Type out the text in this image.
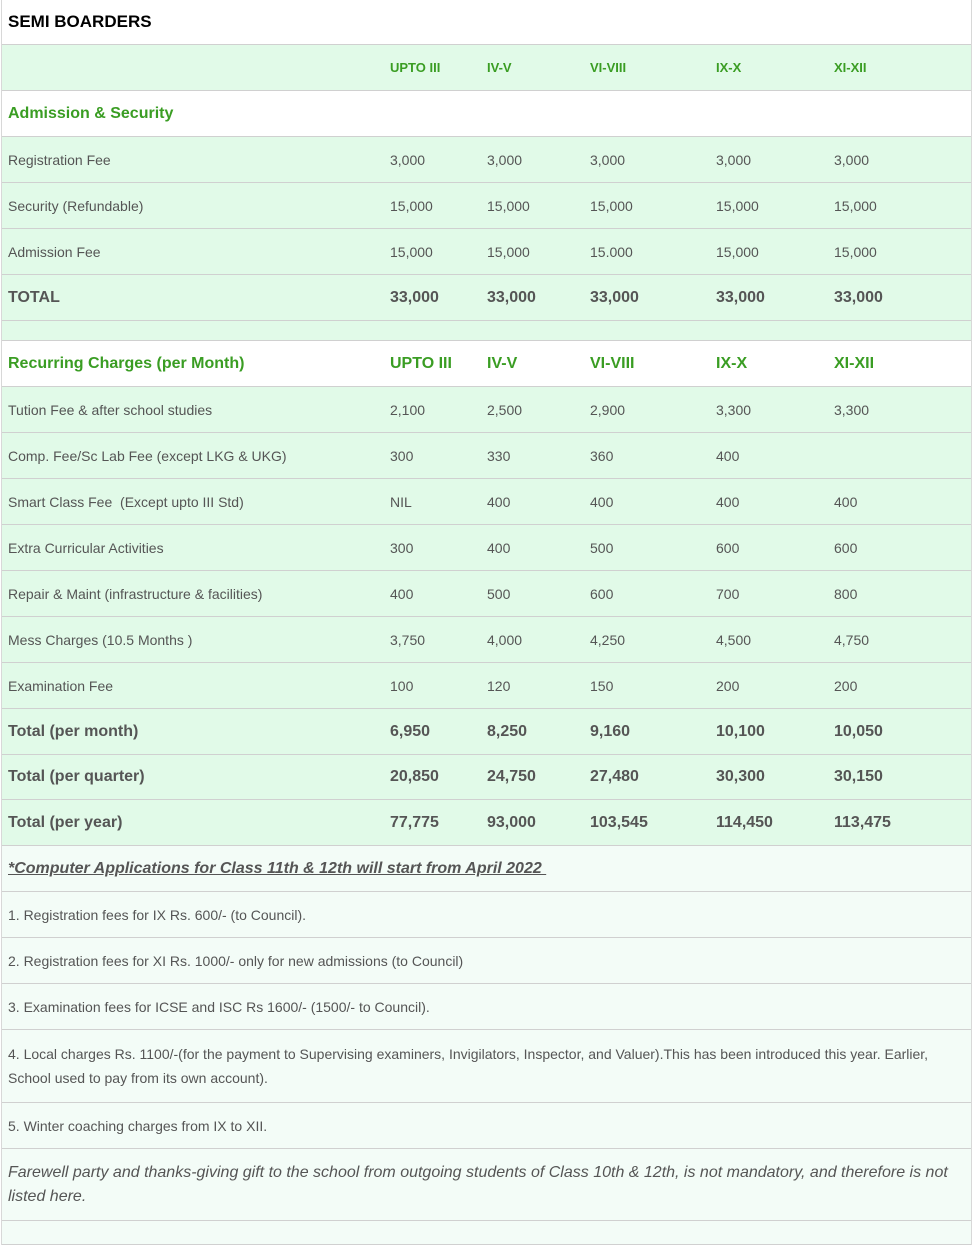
SEMI BOARDERS
UPTO III	IV-V	VI-VIII	IX-X	XI-XII
Admission & Security
Registration Fee	3,000	3,000	3,000	3,000	3,000
Security (Refundable)	15,000	15,000	15,000	15,000	15,000
Admission Fee	15,000	15,000	15.000	15,000	15,000
TOTAL	33,000	33,000	33,000	33,000	33,000
Recurring Charges (per Month)	UPTO III	IV-V	VI-VIII	IX-X	XI-XII
Tution Fee & after school studies	2,100	2,500	2,900	3,300	3,300
Comp. Fee/Sc Lab Fee (except LKG & UKG)	300	330	360	400
Smart Class Fee  (Except upto III Std)	NIL	400	400	400	400
Extra Curricular Activities	300	400	500	600	600
Repair & Maint (infrastructure & facilities)	400	500	600	700	800
Mess Charges (10.5 Months )	3,750	4,000	4,250	4,500	4,750
Examination Fee	100	120	150	200	200
Total (per month)	6,950	8,250	9,160	10,100	10,050
Total (per quarter)	20,850	24,750	27,480	30,300	30,150
Total (per year)	77,775	93,000	103,545	114,450	113,475
*Computer Applications for Class 11th & 12th will start from April 2022
1. Registration fees for IX Rs. 600/- (to Council).
2. Registration fees for XI Rs. 1000/- only for new admissions (to Council)
3. Examination fees for ICSE and ISC Rs 1600/- (1500/- to Council).
4. Local charges Rs. 1100/-(for the payment to Supervising examiners, Invigilators, Inspector, and Valuer).This has been introduced this year. Earlier, School used to pay from its own account).
5. Winter coaching charges from IX to XII.
Farewell party and thanks-giving gift to the school from outgoing students of Class 10th & 12th, is not mandatory, and therefore is not listed here.
